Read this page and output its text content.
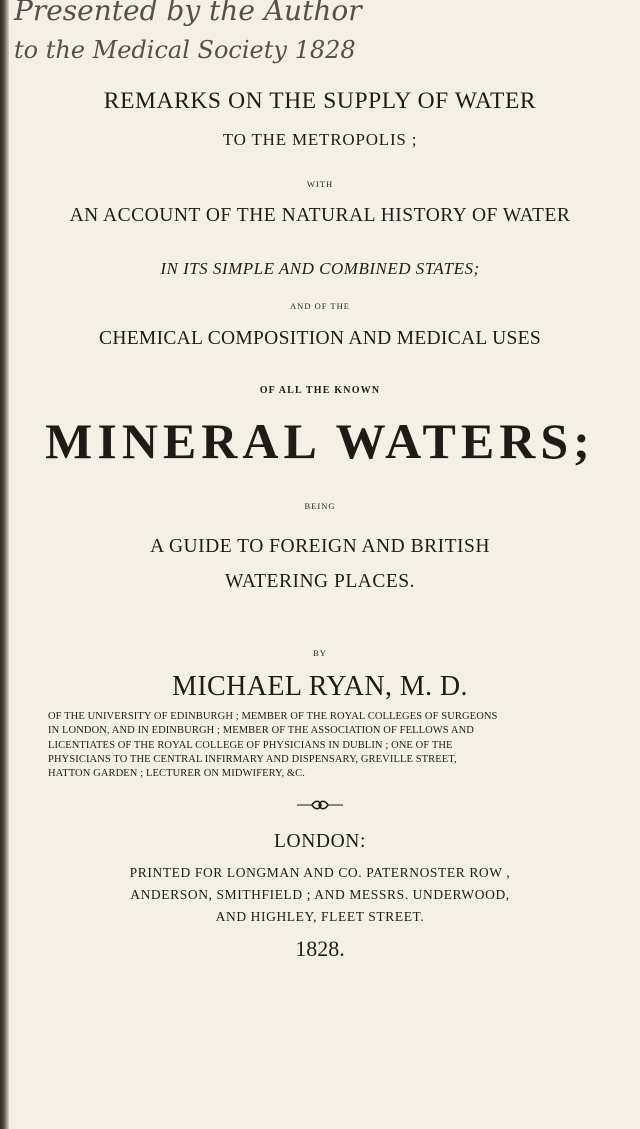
Presented by the Author
to the Medical Society 1828
REMARKS ON THE SUPPLY OF WATER
TO THE METROPOLIS ;
WITH
AN ACCOUNT OF THE NATURAL HISTORY OF WATER
IN ITS SIMPLE AND COMBINED STATES;
AND OF THE
CHEMICAL COMPOSITION AND MEDICAL USES
OF ALL THE KNOWN
MINERAL WATERS;
BEING
A GUIDE TO FOREIGN AND BRITISH
WATERING PLACES.
BY
MICHAEL RYAN, M. D.
OF THE UNIVERSITY OF EDINBURGH ; MEMBER OF THE ROYAL COLLEGES OF SURGEONS
IN LONDON, AND IN EDINBURGH ; MEMBER OF THE ASSOCIATION OF FELLOWS AND
LICENTIATES OF THE ROYAL COLLEGE OF PHYSICIANS IN DUBLIN ; ONE OF THE
PHYSICIANS TO THE CENTRAL INFIRMARY AND DISPENSARY, GREVILLE STREET,
HATTON GARDEN ; LECTURER ON MIDWIFERY, &C.
LONDON:
PRINTED FOR LONGMAN AND CO. PATERNOSTER ROW ,
ANDERSON, SMITHFIELD ; AND MESSRS. UNDERWOOD,
AND HIGHLEY, FLEET STREET.
1828.
